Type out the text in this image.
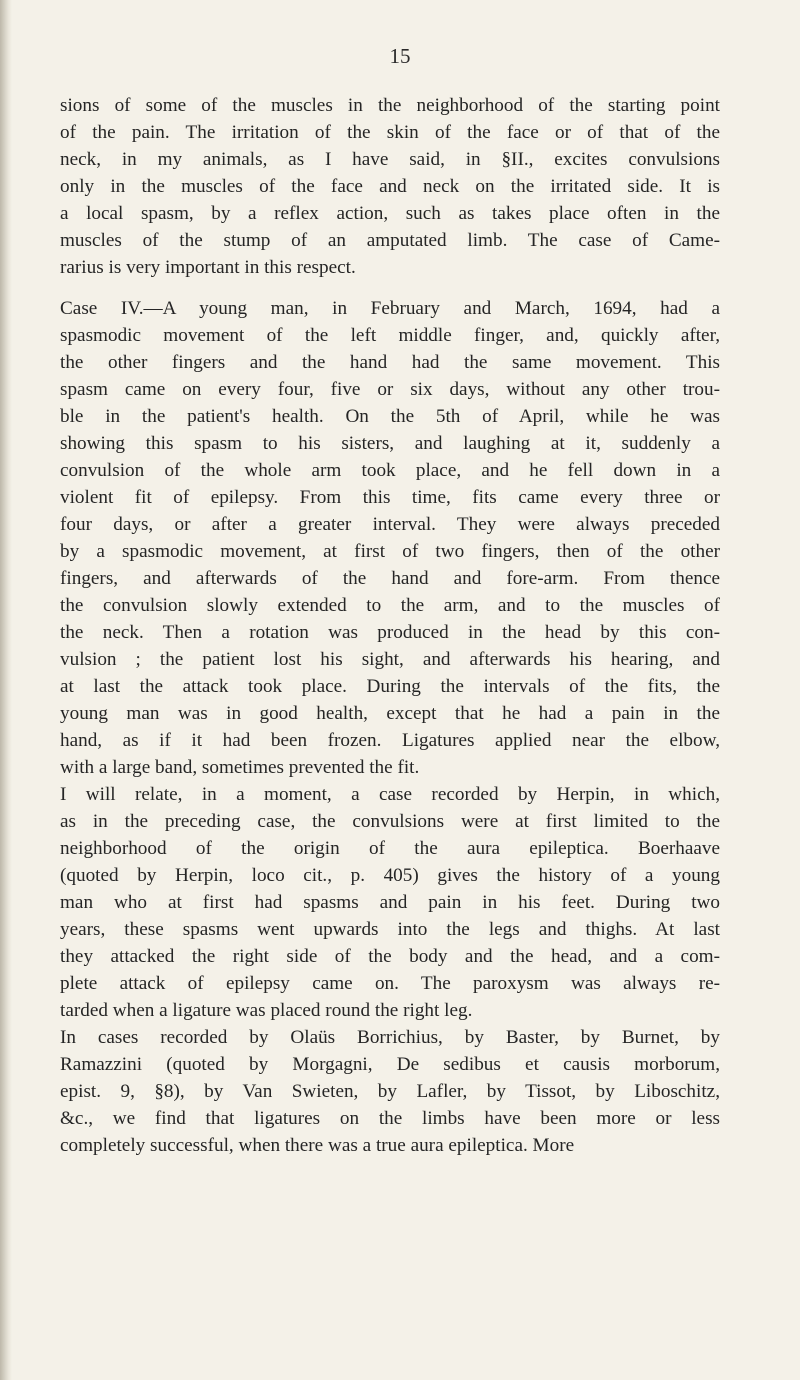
15
sions of some of the muscles in the neighborhood of the starting point
of the pain. The irritation of the skin of the face or of that of the
neck, in my animals, as I have said, in §II., excites convulsions
only in the muscles of the face and neck on the irritated side. It is
a local spasm, by a reflex action, such as takes place often in the
muscles of the stump of an amputated limb. The case of Came-
rarius is very important in this respect.
Case IV.—A young man, in February and March, 1694, had a
spasmodic movement of the left middle finger, and, quickly after,
the other fingers and the hand had the same movement. This
spasm came on every four, five or six days, without any other trou-
ble in the patient's health. On the 5th of April, while he was
showing this spasm to his sisters, and laughing at it, suddenly a
convulsion of the whole arm took place, and he fell down in a
violent fit of epilepsy. From this time, fits came every three or
four days, or after a greater interval. They were always preceded
by a spasmodic movement, at first of two fingers, then of the other
fingers, and afterwards of the hand and fore-arm. From thence
the convulsion slowly extended to the arm, and to the muscles of
the neck. Then a rotation was produced in the head by this con-
vulsion ; the patient lost his sight, and afterwards his hearing, and
at last the attack took place. During the intervals of the fits, the
young man was in good health, except that he had a pain in the
hand, as if it had been frozen. Ligatures applied near the elbow,
with a large band, sometimes prevented the fit.
I will relate, in a moment, a case recorded by Herpin, in which,
as in the preceding case, the convulsions were at first limited to the
neighborhood of the origin of the aura epileptica. Boerhaave
(quoted by Herpin, loco cit., p. 405) gives the history of a young
man who at first had spasms and pain in his feet. During two
years, these spasms went upwards into the legs and thighs. At last
they attacked the right side of the body and the head, and a com-
plete attack of epilepsy came on. The paroxysm was always re-
tarded when a ligature was placed round the right leg.
In cases recorded by Olaüs Borrichius, by Baster, by Burnet, by
Ramazzini (quoted by Morgagni, De sedibus et causis morborum,
epist. 9, §8), by Van Swieten, by Lafler, by Tissot, by Liboschitz,
&c., we find that ligatures on the limbs have been more or less
completely successful, when there was a true aura epileptica. More
